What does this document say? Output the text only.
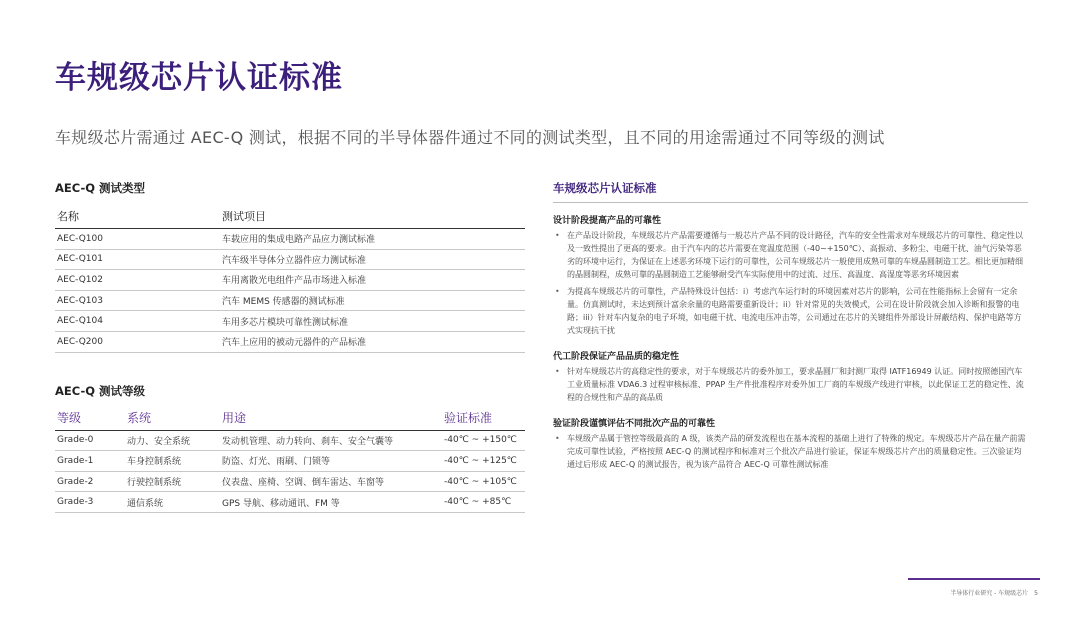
车规级芯片认证标准
车规级芯片需通过 AEC-Q 测试，根据不同的半导体器件通过不同的测试类型，且不同的用途需通过不同等级的测试
AEC-Q 测试类型
名称	测试项目
AEC-Q100	车载应用的集成电路产品应力测试标准
AEC-Q101	汽车级半导体分立器件应力测试标准
AEC-Q102	车用离散光电组件产品市场进入标准
AEC-Q103	汽车 MEMS 传感器的测试标准
AEC-Q104	车用多芯片模块可靠性测试标准
AEC-Q200	汽车上应用的被动元器件的产品标准
AEC-Q 测试等级
等级	系统	用途	验证标准
Grade-0	动力、安全系统	发动机管理、动力转向、刹车、安全气囊等	-40℃ ~ +150℃
Grade-1	车身控制系统	防盗、灯光、雨刷、门锁等	-40℃ ~ +125℃
Grade-2	行驶控制系统	仪表盘、座椅、空调、倒车雷达、车窗等	-40℃ ~ +105℃
Grade-3	通信系统	GPS 导航、移动通讯、FM 等	-40℃ ~ +85℃
车规级芯片认证标准
设计阶段提高产品的可靠性
• 在产品设计阶段，车规级芯片产品需要遵循与一般芯片产品不同的设计路径，汽车的安全性需求对车规级芯片的可靠性、稳定性以及一致性提出了更高的要求。由于汽车内的芯片需要在宽温度范围（-40~+150℃）、高振动、多粉尘、电磁干扰、油气污染等恶劣的环境中运行，为保证在上述恶劣环境下运行的可靠性，公司车规级芯片一般使用成熟可靠的车规晶圆制造工艺。相比更加精细的晶圆制程，成熟可靠的晶圆制造工艺能够耐受汽车实际使用中的过流、过压、高温度、高湿度等恶劣环境因素
• 为提高车规级芯片的可靠性，产品特殊设计包括：i）考虑汽车运行时的环境因素对芯片的影响，公司在性能指标上会留有一定余量。仿真测试时，未达到预计富余余量的电路需要重新设计；ii）针对常见的失效模式，公司在设计阶段就会加入诊断和报警的电路；iii）针对车内复杂的电子环境，如电磁干扰、电流电压冲击等，公司通过在芯片的关键组件外部设计屏蔽结构、保护电路等方式实现抗干扰
代工阶段保证产品品质的稳定性
• 针对车规级芯片的高稳定性的要求，对于车规级芯片的委外加工，要求晶圆厂和封测厂取得 IATF16949 认证。同时按照德国汽车工业质量标准 VDA6.3 过程审核标准、PPAP 生产件批准程序对委外加工厂商的车规级产线进行审核，以此保证工艺的稳定性、流程的合规性和产品的高品质
验证阶段谨慎评估不同批次产品的可靠性
• 车规级产品属于管控等级最高的 A 级，该类产品的研发流程也在基本流程的基础上进行了特殊的规定。车规级芯片产品在量产前需完成可靠性试验，严格按照 AEC-Q 的测试程序和标准对三个批次产品进行验证，保证车规级芯片产出的质量稳定性。三次验证均通过后形成 AEC-Q 的测试报告，视为该产品符合 AEC-Q 可靠性测试标准
半导体行业研究 - 车规级芯片 5
